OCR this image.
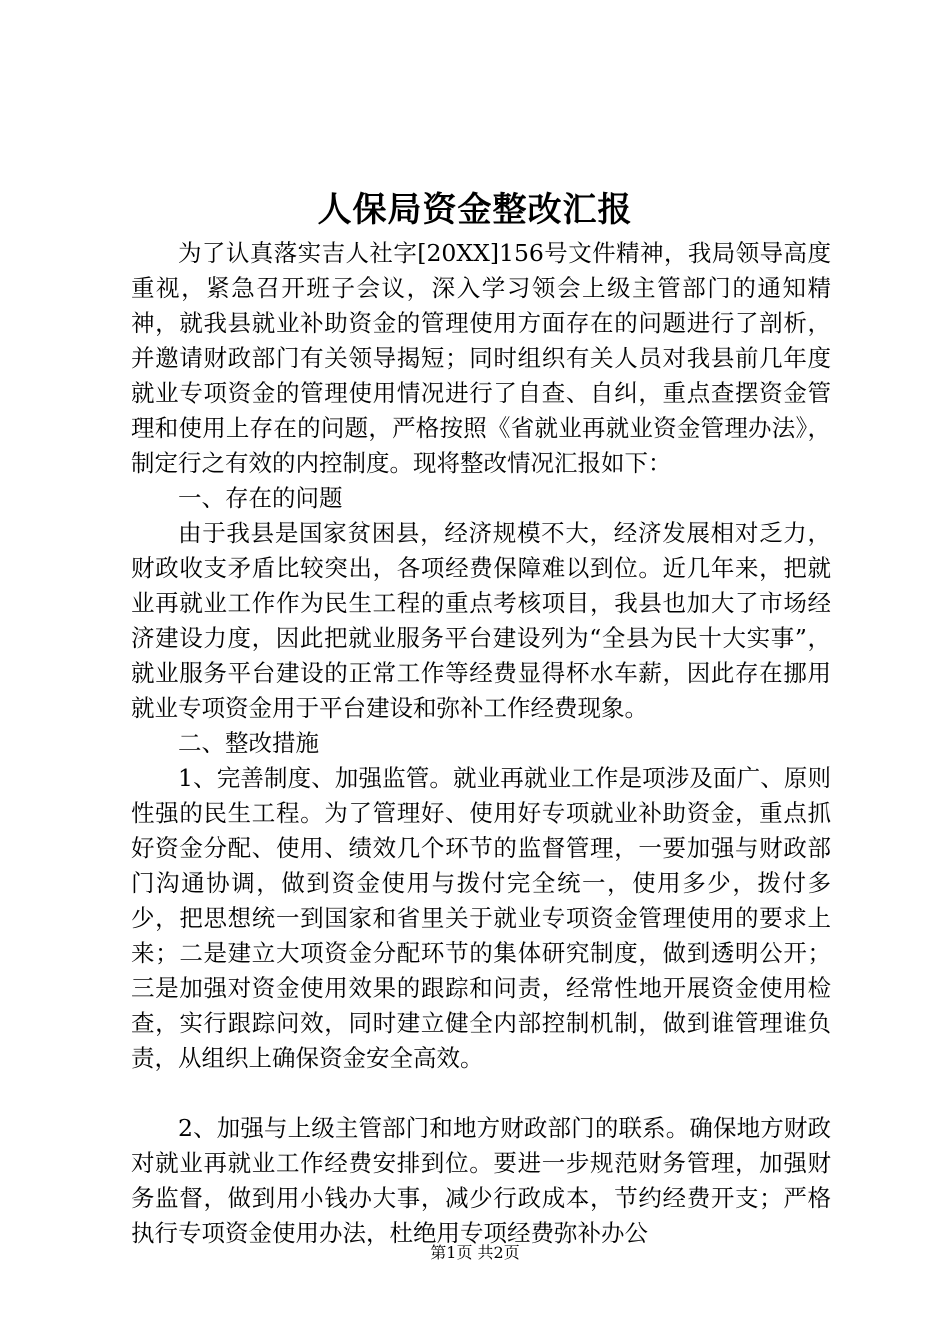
人保局资金整改汇报

为了认真落实吉人社字[20XX]156号文件精神，我局领导高度重视，紧急召开班子会议，深入学习领会上级主管部门的通知精神，就我县就业补助资金的管理使用方面存在的问题进行了剖析，并邀请财政部门有关领导揭短；同时组织有关人员对我县前几年度就业专项资金的管理使用情况进行了自查、自纠，重点查摆资金管理和使用上存在的问题，严格按照《省就业再就业资金管理办法》，制定行之有效的内控制度。现将整改情况汇报如下：

一、存在的问题

由于我县是国家贫困县，经济规模不大，经济发展相对乏力，财政收支矛盾比较突出，各项经费保障难以到位。近几年来，把就业再就业工作作为民生工程的重点考核项目，我县也加大了市场经济建设力度，因此把就业服务平台建设列为“全县为民十大实事”，就业服务平台建设的正常工作等经费显得杯水车薪，因此存在挪用就业专项资金用于平台建设和弥补工作经费现象。

二、整改措施

1、完善制度、加强监管。就业再就业工作是项涉及面广、原则性强的民生工程。为了管理好、使用好专项就业补助资金，重点抓好资金分配、使用、绩效几个环节的监督管理，一要加强与财政部门沟通协调，做到资金使用与拨付完全统一，使用多少，拨付多少，把思想统一到国家和省里关于就业专项资金管理使用的要求上来；二是建立大项资金分配环节的集体研究制度，做到透明公开；三是加强对资金使用效果的跟踪和问责，经常性地开展资金使用检查，实行跟踪问效，同时建立健全内部控制机制，做到谁管理谁负责，从组织上确保资金安全高效。

2、加强与上级主管部门和地方财政部门的联系。确保地方财政对就业再就业工作经费安排到位。要进一步规范财务管理，加强财务监督，做到用小钱办大事，减少行政成本，节约经费开支；严格执行专项资金使用办法，杜绝用专项经费弥补办公

第1页 共2页
